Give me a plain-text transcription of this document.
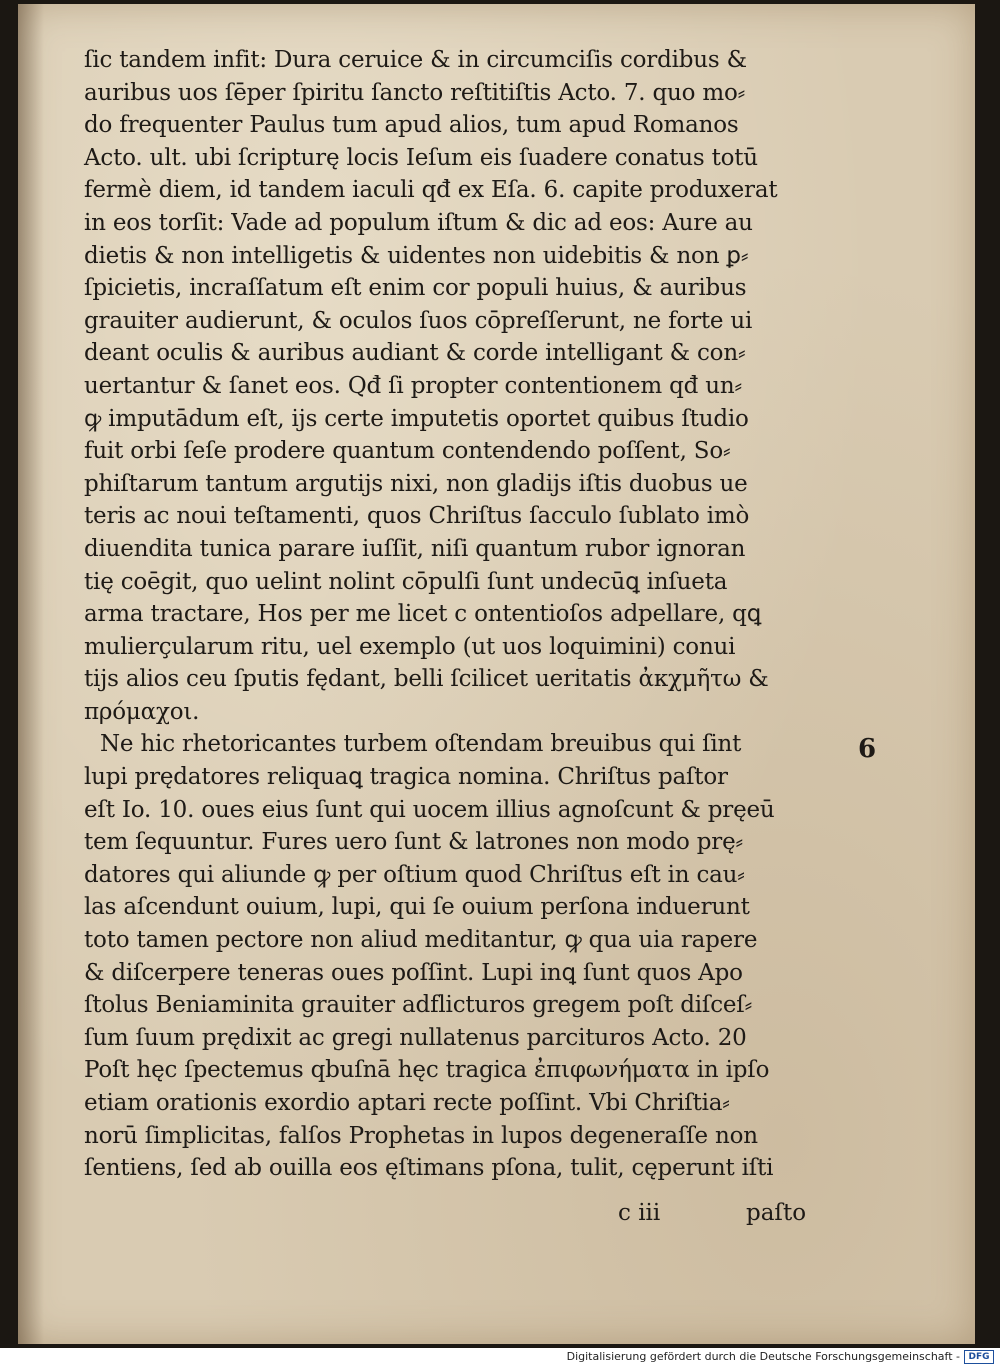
ſic tandem infit: Dura ceruice & in circumciſis cordibus &
auribus uos ſēper ſpiritu ſancto reſtitiſtis Acto. 7. quo mo⸗
do frequenter Paulus tum apud alios, tum apud Romanos
Acto. ult. ubi ſcripturę locis Ieſum eis ſuadere conatus totū
fermè diem, id tandem iaculi qđ ex Eſa. 6. capite produxerat
in eos torſit: Vade ad populum iſtum & dic ad eos: Aure au
dietis & non intelligetis & uidentes non uidebitis & non ꝑ⸗
ſpicietis, incraſſatum eſt enim cor populi huius, & auribus
grauiter audierunt, & oculos ſuos cōpreſſerunt, ne forte ui
deant oculis & auribus audiant & corde intelligant & con⸗
uertantur & ſanet eos. Qđ ſi propter contentionem qđ un⸗
ꝙ imputādum eſt, ijs certe imputetis oportet quibus ſtudio
fuit orbi ſeſe prodere quantum contendendo poſſent, So⸗
phiſtarum tantum argutijs nixi, non gladijs iſtis duobus ue
teris ac noui teſtamenti, quos Chriſtus ſacculo ſublato imò
diuendita tunica parare iuſſit, niſi quantum rubor ignoran
tię coēgit, quo uelint nolint cōpulſi ſunt undecūꝗ inſueta
arma tractare, Hos per me licet c ontentioſos adpellare, qꝗ
mulierçularum ritu, uel exemplo (ut uos loquimini) conui
tijs alios ceu ſputis fędant, belli ſcilicet ueritatis ἀκχμῆτω &
πρόμαχοι.
Ne hic rhetoricantes turbem oſtendam breuibus qui ſint
lupi prędatores reliquaꝗ tragica nomina. Chriſtus paſtor
eſt Io. 10. oues eius ſunt qui uocem illius agnoſcunt & pręeū
tem ſequuntur. Fures uero ſunt & latrones non modo prę⸗
datores qui aliunde ꝙ per oſtium quod Chriſtus eſt in cau⸗
las aſcendunt ouium, lupi, qui ſe ouium perſona induerunt
toto tamen pectore non aliud meditantur, ꝙ qua uia rapere
& diſcerpere teneras oues poſſint. Lupi inꝗ ſunt quos Apo
ſtolus Beniaminita grauiter adflicturos gregem poſt diſceſ⸗
ſum ſuum prędixit ac gregi nullatenus parcituros Acto. 20
Poſt hęc ſpectemus qbuſnā hęc tragica ἐπιφωνήματα in ipſo
etiam orationis exordio aptari recte poſſint. Vbi Chriſtia⸗
norū ſimplicitas, falſos Prophetas in lupos degeneraſſe non
ſentiens, ſed ab ouilla eos ęſtimans pſona, tulit, cęperunt iſti
6
c iii	paſto
Digitalisierung gefördert durch die Deutsche Forschungsgemeinschaft - DFG
